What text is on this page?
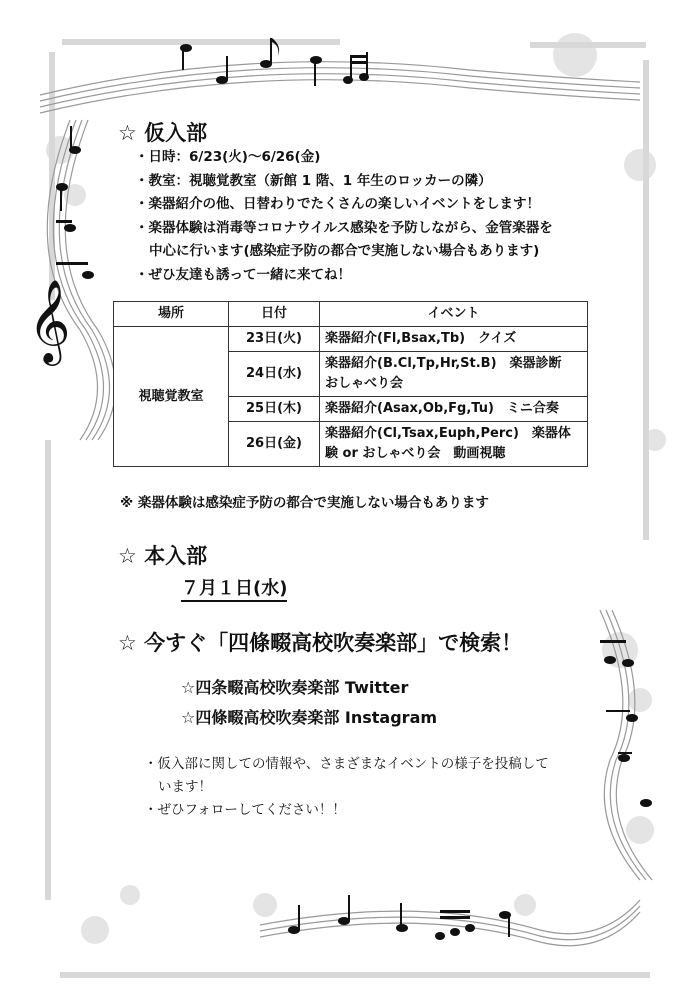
𝄞
☆ 仮入部
・日時：6/23(火)～6/26(金)
・教室：視聴覚教室（新館 1 階、1 年生のロッカーの隣）
・楽器紹介の他、日替わりでたくさんの楽しいイベントをします！
・楽器体験は消毒等コロナウイルス感染を予防しながら、金管楽器を
中心に行います(感染症予防の都合で実施しない場合もあります)
・ぜひ友達も誘って一緒に来てね！
場所	日付	イベント
視聴覚教室	23日(火)	楽器紹介(Fl,Bsax,Tb)　クイズ
	24日(水)	楽器紹介(B.Cl,Tp,Hr,St.B)　楽器診断　おしゃべり会
	25日(木)	楽器紹介(Asax,Ob,Fg,Tu)　ミニ合奏
	26日(金)	楽器紹介(Cl,Tsax,Euph,Perc)　楽器体験 or おしゃべり会　動画視聴
※ 楽器体験は感染症予防の都合で実施しない場合もあります
☆ 本入部
７月１日(水)
☆ 今すぐ「四條畷高校吹奏楽部」で検索！
☆四条畷高校吹奏楽部 Twitter
☆四條畷高校吹奏楽部 Instagram
・仮入部に関しての情報や、さまざまなイベントの様子を投稿して
います！
・ぜひフォローしてください！！
